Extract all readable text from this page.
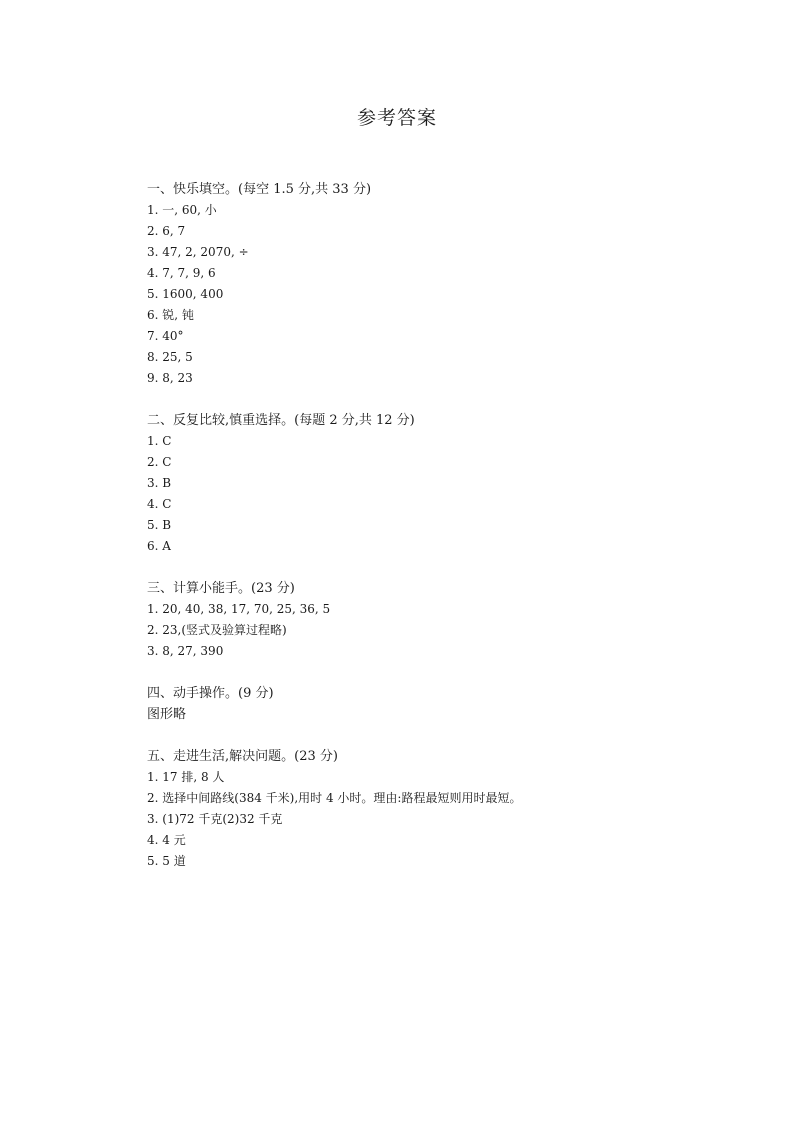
参考答案
一、快乐填空。(每空 1.5 分,共 33 分)
1. 一, 60, 小
2. 6, 7
3. 47, 2, 2070, ÷
4. 7, 7, 9, 6
5. 1600, 400
6. 锐, 钝
7. 40°
8. 25, 5
9. 8, 23
二、反复比较,慎重选择。(每题 2 分,共 12 分)
1. C
2. C
3. B
4. C
5. B
6. A
三、计算小能手。(23 分)
1. 20, 40, 38, 17, 70, 25, 36, 5
2. 23,(竖式及验算过程略)
3. 8, 27, 390
四、动手操作。(9 分)
图形略
五、走进生活,解决问题。(23 分)
1. 17 排, 8 人
2. 选择中间路线(384 千米),用时 4 小时。理由:路程最短则用时最短。
3. (1)72 千克(2)32 千克
4. 4 元
5. 5 道
